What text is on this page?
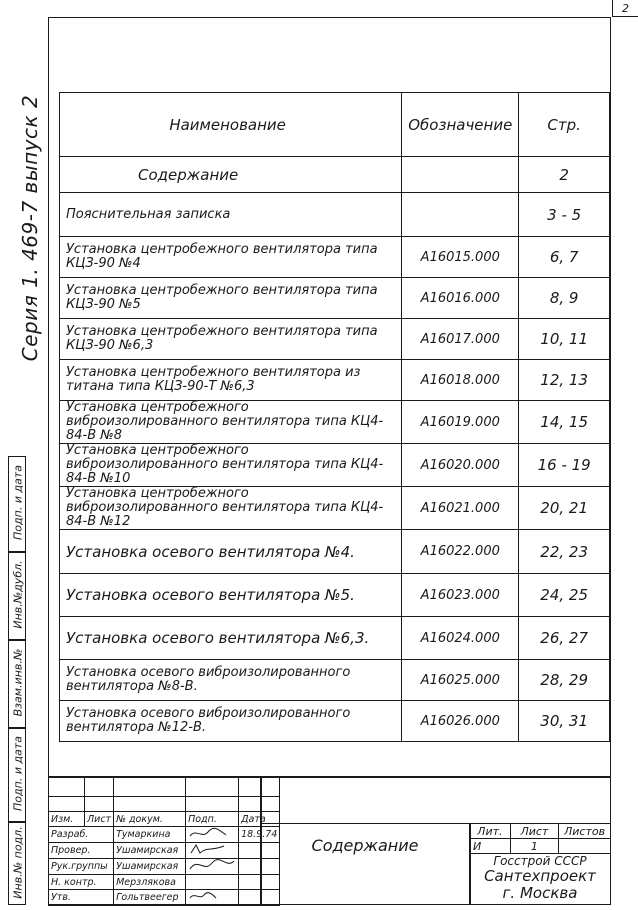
2
Серия 1. 469-7 выпуск 2
Инв.№ подл.
Подп. и дата
Взам.инв.№
Инв.№дубл.
Подп. и дата
Наименование	Обозначение	Стр.
Содержание		2
Пояснительная записка		3 - 5
Установка центробежного вентилятора типа КЦЗ-90 №4	А16015.000	6, 7
Установка центробежного вентилятора типа КЦЗ-90 №5	А16016.000	8, 9
Установка центробежного вентилятора типа КЦЗ-90 №6,3	А16017.000	10, 11
Установка центробежного вентилятора из титана типа КЦЗ-90-Т №6,3	А16018.000	12, 13
Установка центробежного виброизолированного вентилятора типа КЦ4-84-В №8	А16019.000	14, 15
Установка центробежного виброизолированного вентилятора типа КЦ4-84-В №10	А16020.000	16 - 19
Установка центробежного виброизолированного вентилятора типа КЦ4-84-В №12	А16021.000	20, 21
Установка осевого вентилятора №4.	А16022.000	22, 23
Установка осевого вентилятора №5.	А16023.000	24, 25
Установка осевого вентилятора №6,3.	А16024.000	26, 27
Установка осевого виброизолированного вентилятора №8-В.	А16025.000	28, 29
Установка осевого виброизолированного вентилятора №12-В.	А16026.000	30, 31

Изм.	Лист	№ докум.	Подп.	Дата
Разраб.		Тумаркина		18.9.74
Провер.		Ушамирская		
Рук.группы		Ушамирская		
Н. контр.		Мерзлякова		
Утв.		Гольтвеегер		
Содержание
Лит.	Лист	Листов
И	1	
Госстрой СССР
Сантехпроект
г. Москва
